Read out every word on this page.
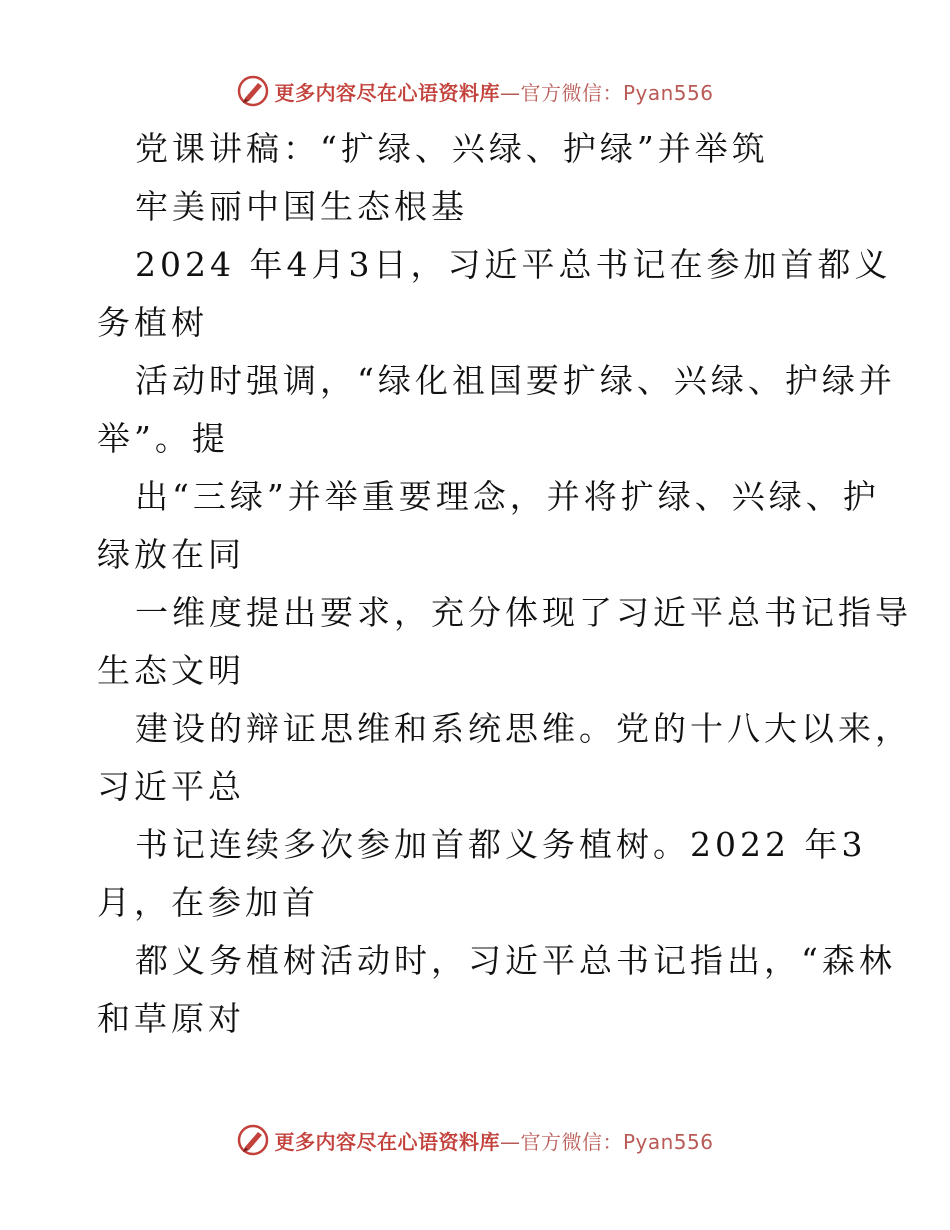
更多内容尽在心语资料库—官方微信：Pyan556
党课讲稿：“扩绿、兴绿、护绿”并举筑
牢美丽中国生态根基
2024 年4月3日，习近平总书记在参加首都义
务植树
活动时强调，“绿化祖国要扩绿、兴绿、护绿并
举”。提
出“三绿”并举重要理念，并将扩绿、兴绿、护
绿放在同
一维度提出要求，充分体现了习近平总书记指导
生态文明
建设的辩证思维和系统思维。党的十八大以来，
习近平总
书记连续多次参加首都义务植树。2022 年3
月，在参加首
都义务植树活动时，习近平总书记指出，“森林
和草原对
更多内容尽在心语资料库—官方微信：Pyan556
